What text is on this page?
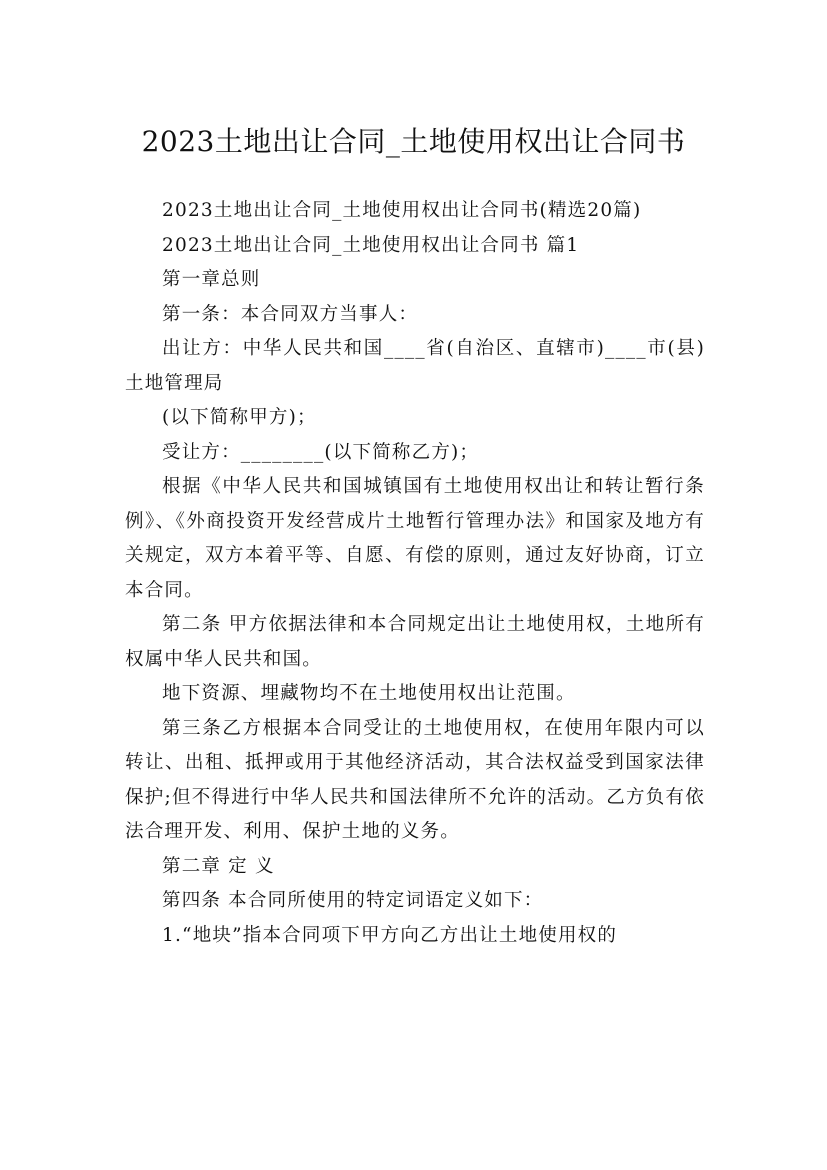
2023土地出让合同_土地使用权出让合同书

2023土地出让合同_土地使用权出让合同书(精选20篇)

2023土地出让合同_土地使用权出让合同书 篇1

第一章总则

第一条：本合同双方当事人：

出让方：中华人民共和国____省(自治区、直辖市)____市(县)土地管理局

(以下简称甲方)；

受让方：________(以下简称乙方)；

根据《中华人民共和国城镇国有土地使用权出让和转让暂行条例》、《外商投资开发经营成片土地暂行管理办法》和国家及地方有关规定，双方本着平等、自愿、有偿的原则，通过友好协商，订立本合同。

第二条 甲方依据法律和本合同规定出让土地使用权，土地所有权属中华人民共和国。

地下资源、埋藏物均不在土地使用权出让范围。

第三条乙方根据本合同受让的土地使用权，在使用年限内可以转让、出租、抵押或用于其他经济活动，其合法权益受到国家法律保护;但不得进行中华人民共和国法律所不允许的活动。乙方负有依法合理开发、利用、保护土地的义务。

第二章 定 义

第四条 本合同所使用的特定词语定义如下：

1.“地块”指本合同项下甲方向乙方出让土地使用权的
